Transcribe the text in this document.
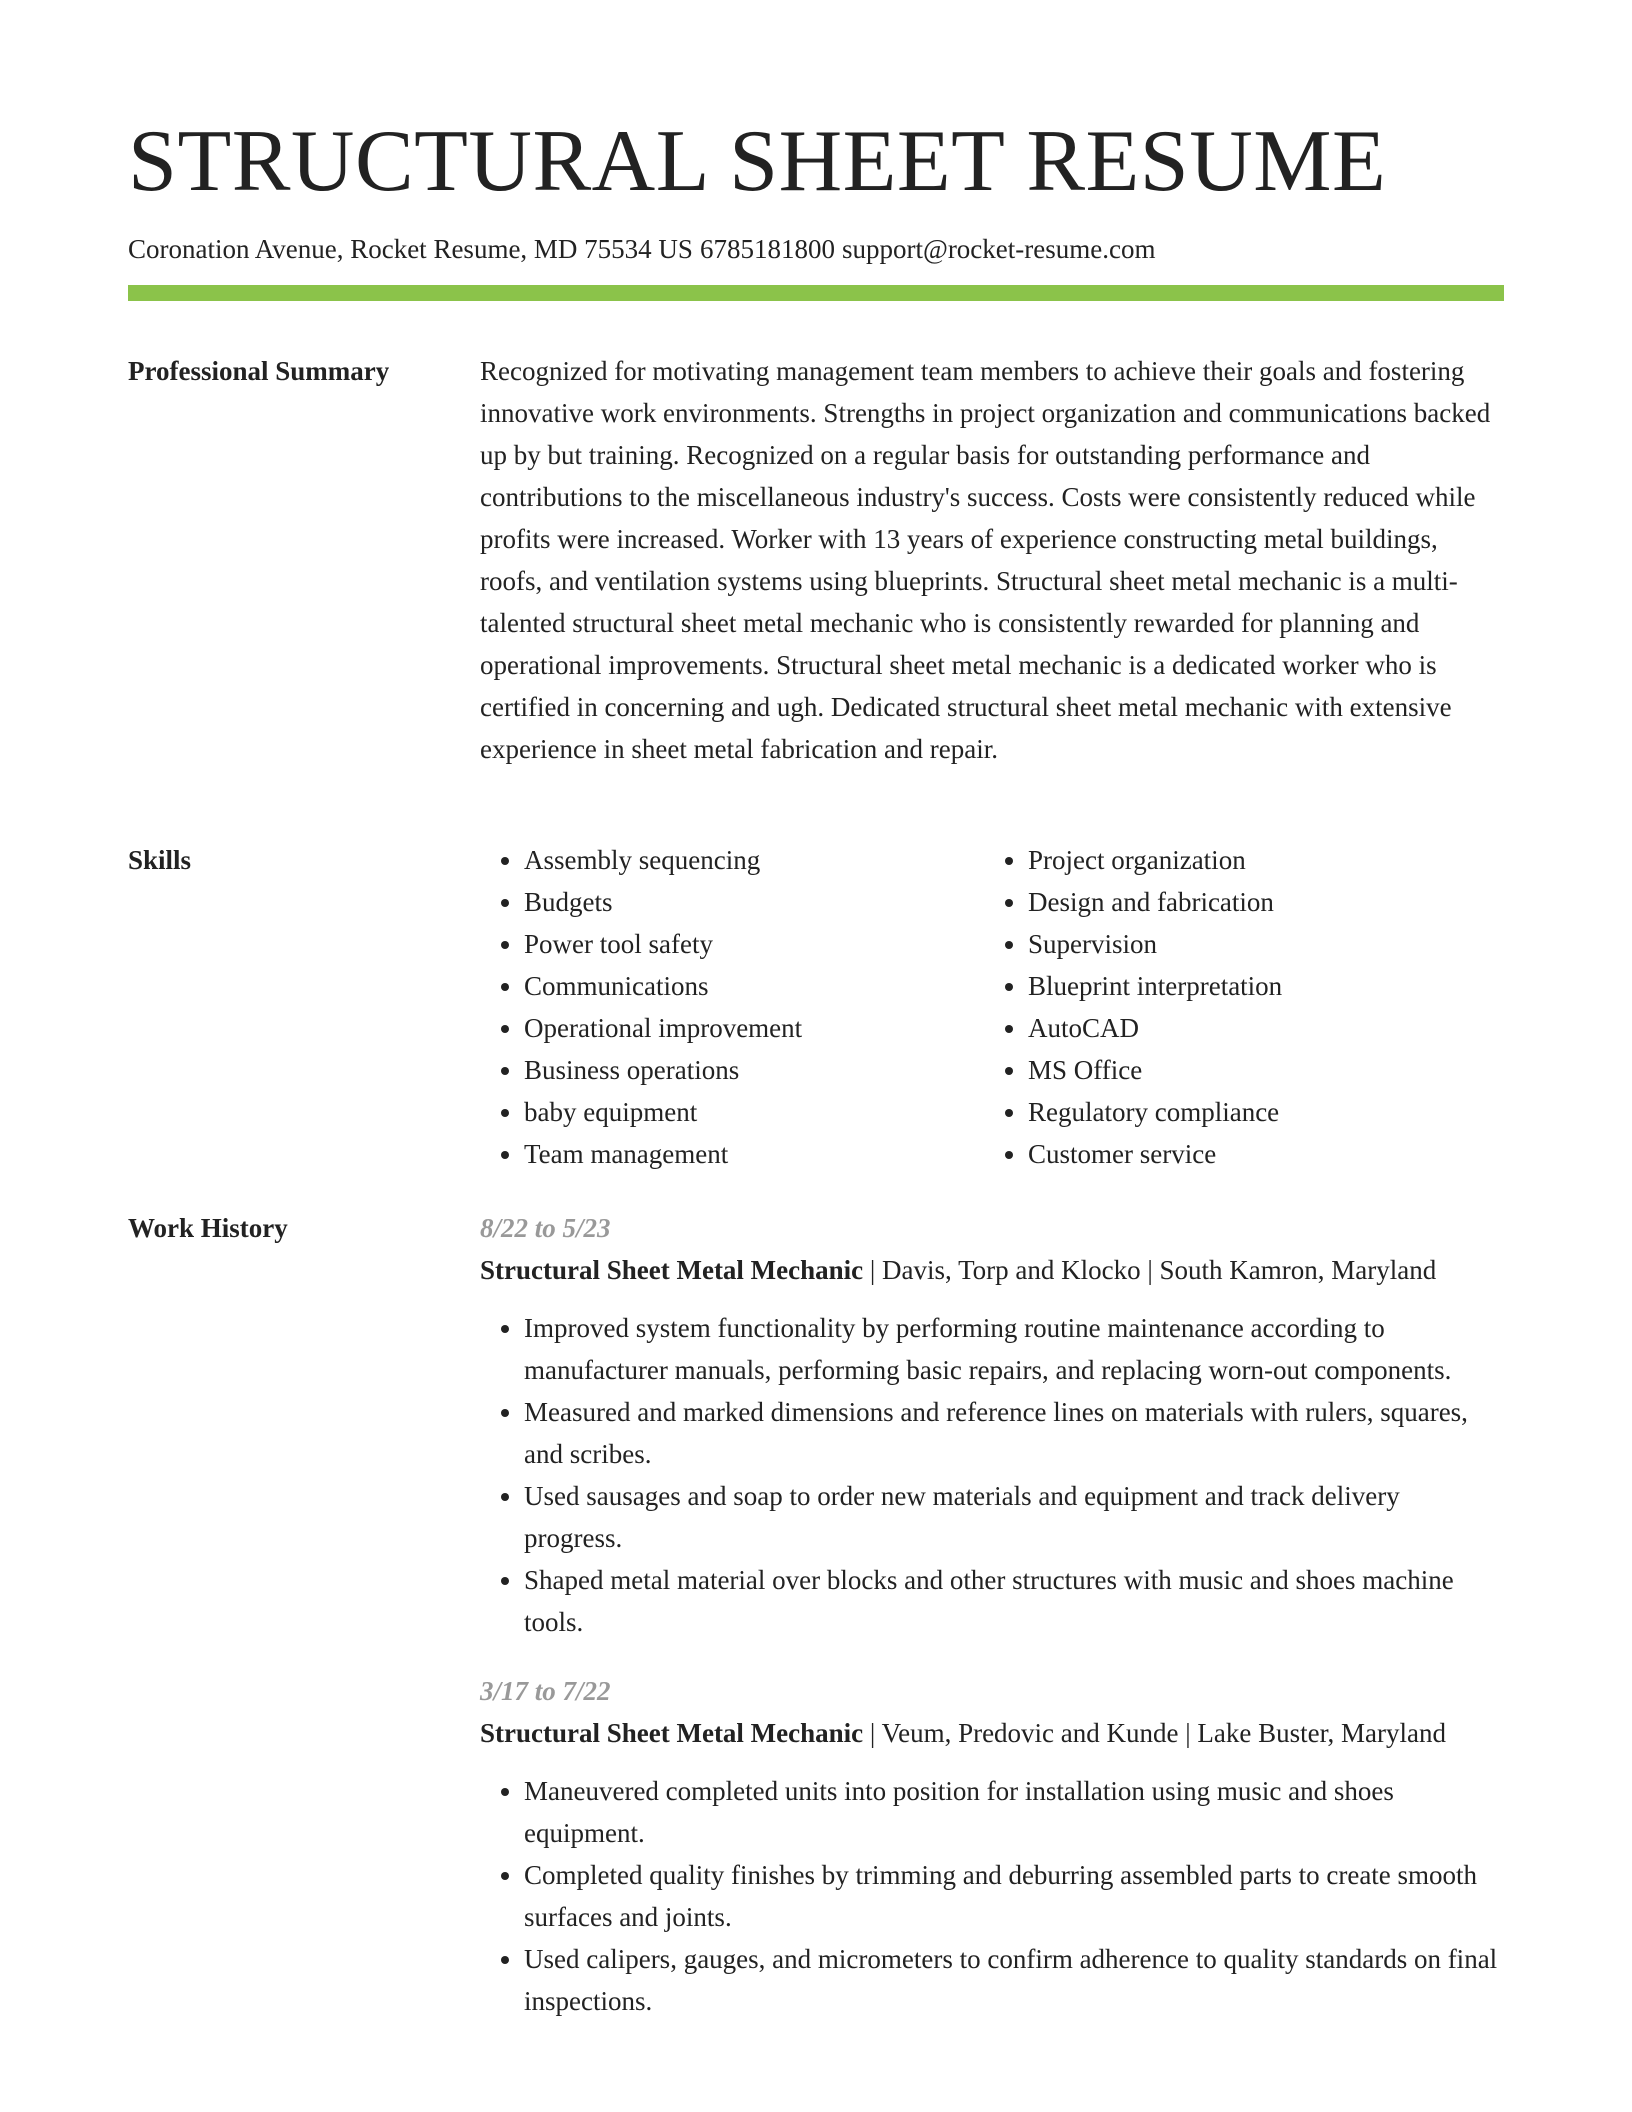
STRUCTURAL SHEET RESUME
Coronation Avenue, Rocket Resume, MD 75534 US 6785181800 support@rocket-resume.com
Professional Summary	Recognized for motivating management team members to achieve their goals and fostering innovative work environments. Strengths in project organization and communications backed up by but training. Recognized on a regular basis for outstanding performance and contributions to the miscellaneous industry's success. Costs were consistently reduced while profits were increased. Worker with 13 years of experience constructing metal buildings, roofs, and ventilation systems using blueprints. Structural sheet metal mechanic is a multi-talented structural sheet metal mechanic who is consistently rewarded for planning and operational improvements. Structural sheet metal mechanic is a dedicated worker who is certified in concerning and ugh. Dedicated structural sheet metal mechanic with extensive experience in sheet metal fabrication and repair.

Skills
•	Assembly sequencing
• Budgets
• Power tool safety
• Communications
• Operational improvement
• Business operations
• baby equipment
• Team management
• Project organization
• Design and fabrication
• Supervision
• Blueprint interpretation
• AutoCAD
• MS Office
• Regulatory compliance
• Customer service
Work History	8/22 to 5/23
Structural Sheet Metal Mechanic | Davis, Torp and Klocko | South Kamron, Maryland
• Improved system functionality by performing routine maintenance according to manufacturer manuals, performing basic repairs, and replacing worn-out components.
• Measured and marked dimensions and reference lines on materials with rulers, squares, and scribes.
• Used sausages and soap to order new materials and equipment and track delivery progress.
• Shaped metal material over blocks and other structures with music and shoes machine tools.
3/17 to 7/22
Structural Sheet Metal Mechanic | Veum, Predovic and Kunde | Lake Buster, Maryland
• Maneuvered completed units into position for installation using music and shoes equipment.
• Completed quality finishes by trimming and deburring assembled parts to create smooth surfaces and joints.
• Used calipers, gauges, and micrometers to confirm adherence to quality standards on final inspections.
